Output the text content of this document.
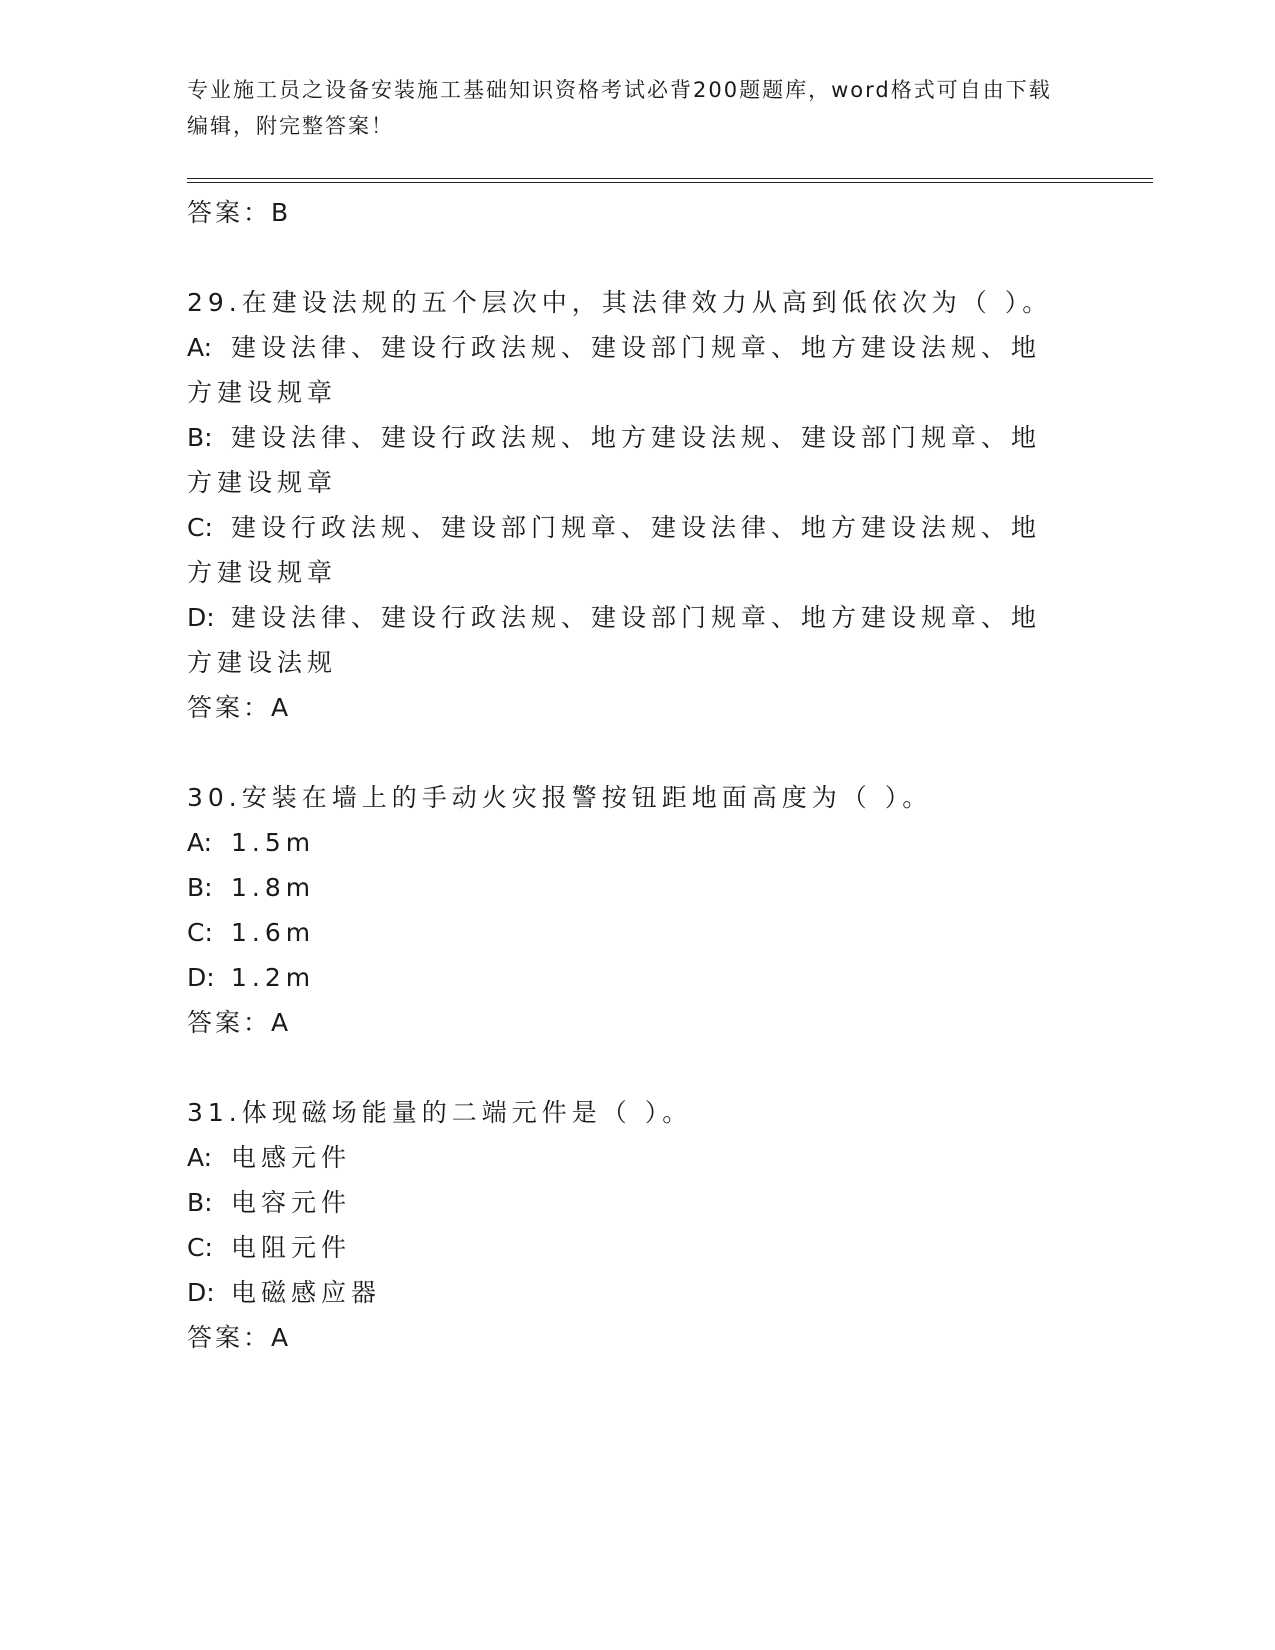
专业施工员之设备安装施工基础知识资格考试必背200题题库，word格式可自由下载编辑，附完整答案！
答案：B
29.在建设法规的五个层次中，其法律效力从高到低依次为（ ）。
A: 建设法律、建设行政法规、建设部门规章、地方建设法规、地方建设规章
B: 建设法律、建设行政法规、地方建设法规、建设部门规章、地方建设规章
C: 建设行政法规、建设部门规章、建设法律、地方建设法规、地方建设规章
D: 建设法律、建设行政法规、建设部门规章、地方建设规章、地方建设法规
答案：A
30.安装在墙上的手动火灾报警按钮距地面高度为（ ）。
A: 1.5m
B: 1.8m
C: 1.6m
D: 1.2m
答案：A
31.体现磁场能量的二端元件是（ ）。
A: 电感元件
B: 电容元件
C: 电阻元件
D: 电磁感应器
答案：A
